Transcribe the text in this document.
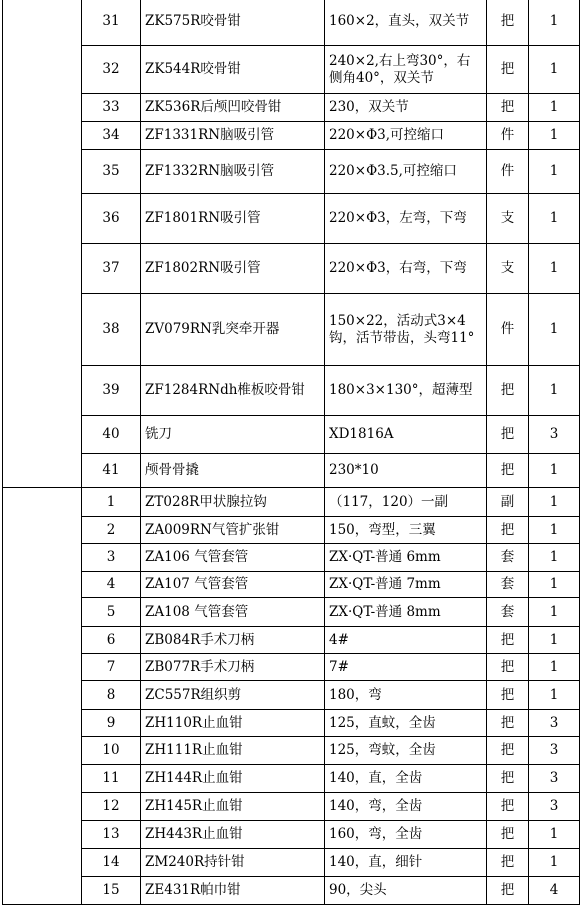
	31	ZK575R咬骨钳	160×2，直头，双关节	把	1
	32	ZK544R咬骨钳	240×2,右上弯30°，右侧角40°，双关节	把	1
	33	ZK536R后颅凹咬骨钳	230，双关节	把	1
	34	ZF1331RN脑吸引管	220×Φ3,可控缩口	件	1
	35	ZF1332RN脑吸引管	220×Φ3.5,可控缩口	件	1
	36	ZF1801RN吸引管	220×Φ3，左弯，下弯	支	1
	37	ZF1802RN吸引管	220×Φ3，右弯，下弯	支	1
	38	ZV079RN乳突牵开器	150×22，活动式3×4钩，活节带齿，头弯11°	件	1
	39	ZF1284RNdh椎板咬骨钳	180×3×130°，超薄型	把	1
	40	铣刀	XD1816A	把	3
	41	颅骨骨撬	230*10	把	1
	1	ZT028R甲状腺拉钩	（117，120）一副	副	1
	2	ZA009RN气管扩张钳	150，弯型，三翼	把	1
	3	ZA106 气管套管	ZX·QT-普通 6mm	套	1
	4	ZA107 气管套管	ZX·QT-普通 7mm	套	1
	5	ZA108 气管套管	ZX·QT-普通 8mm	套	1
	6	ZB084R手术刀柄	4#	把	1
	7	ZB077R手术刀柄	7#	把	1
	8	ZC557R组织剪	180，弯	把	1
	9	ZH110R止血钳	125，直蚊，全齿	把	3
	10	ZH111R止血钳	125，弯蚊，全齿	把	3
	11	ZH144R止血钳	140，直，全齿	把	3
	12	ZH145R止血钳	140，弯，全齿	把	3
	13	ZH443R止血钳	160，弯，全齿	把	1
	14	ZM240R持针钳	140，直，细针	把	1
	15	ZE431R帕巾钳	90，尖头	把	4
